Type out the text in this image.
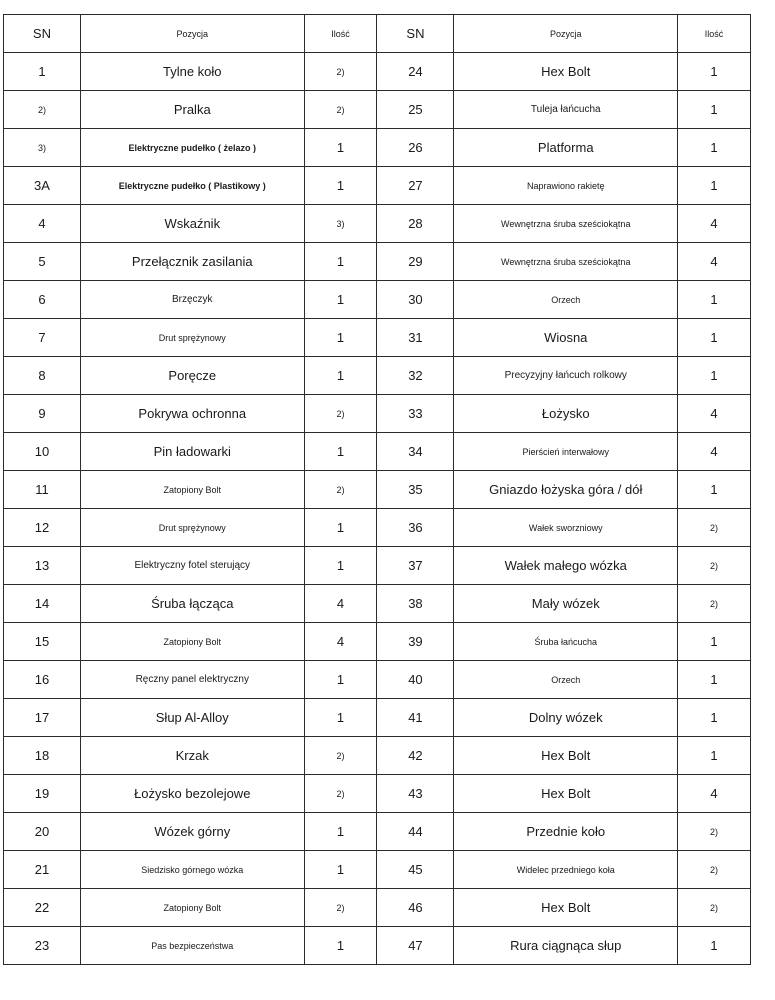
SN	Pozycja	Ilość	SN	Pozycja	Ilość
1	Tylne koło	2)	24	Hex Bolt	1
2)	Pralka	2)	25	Tuleja łańcucha	1
3)	Elektryczne pudełko ( żelazo )	1	26	Platforma	1
3A	Elektryczne pudełko ( Plastikowy )	1	27	Naprawiono rakietę	1
4	Wskaźnik	3)	28	Wewnętrzna śruba sześciokątna	4
5	Przełącznik zasilania	1	29	Wewnętrzna śruba sześciokątna	4
6	Brzęczyk	1	30	Orzech	1
7	Drut sprężynowy	1	31	Wiosna	1
8	Poręcze	1	32	Precyzyjny łańcuch rolkowy	1
9	Pokrywa ochronna	2)	33	Łożysko	4
10	Pin ładowarki	1	34	Pierścień interwałowy	4
11	Zatopiony Bolt	2)	35	Gniazdo łożyska góra / dół	1
12	Drut sprężynowy	1	36	Wałek sworzniowy	2)
13	Elektryczny fotel sterujący	1	37	Wałek małego wózka	2)
14	Śruba łącząca	4	38	Mały wózek	2)
15	Zatopiony Bolt	4	39	Śruba łańcucha	1
16	Ręczny panel elektryczny	1	40	Orzech	1
17	Słup Al-Alloy	1	41	Dolny wózek	1
18	Krzak	2)	42	Hex Bolt	1
19	Łożysko bezolejowe	2)	43	Hex Bolt	4
20	Wózek górny	1	44	Przednie koło	2)
21	Siedzisko górnego wózka	1	45	Widelec przedniego koła	2)
22	Zatopiony Bolt	2)	46	Hex Bolt	2)
23	Pas bezpieczeństwa	1	47	Rura ciągnąca słup	1
